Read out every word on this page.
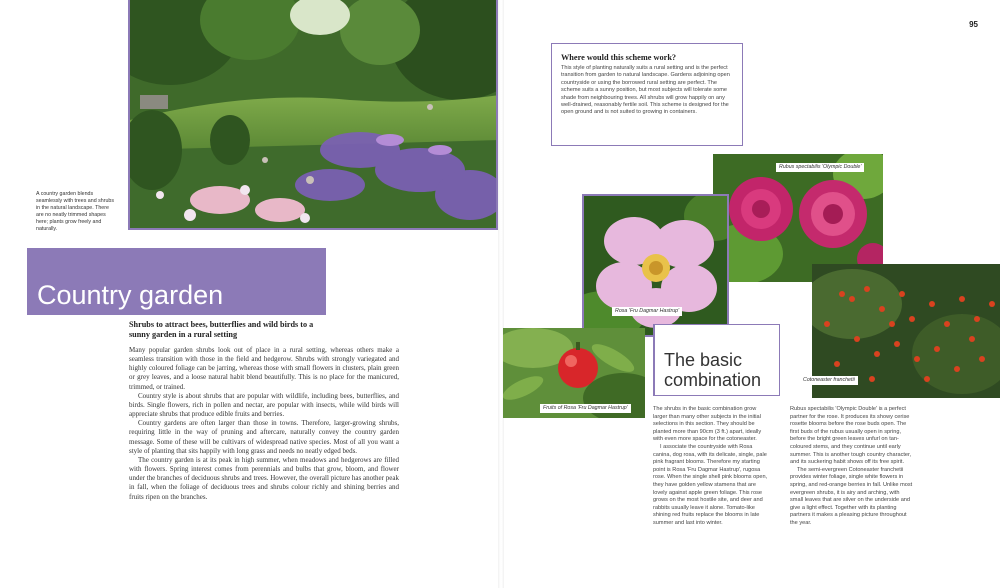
95
A country garden blends seamlessly with trees and shrubs in the natural landscape. There are no neatly trimmed shapes here; plants grow freely and naturally.
Country garden
Shrubs to attract bees, butterflies and wild birds to a sunny garden in a rural setting

Many popular garden shrubs look out of place in a rural setting, whereas others make a seamless transition with those in the field and hedgerow. Shrubs with strongly variegated and highly coloured foliage can be jarring, whereas those with small flowers in clusters, plain green or grey leaves, and a loose natural habit blend beautifully. This is no place for the manicured, trimmed, or trained.

Country style is about shrubs that are popular with wildlife, including bees, butterflies, and birds. Single flowers, rich in pollen and nectar, are popular with insects, while wild birds will appreciate shrubs that produce edible fruits and berries.

Country gardens are often larger than those in towns. Therefore, larger-growing shrubs, requiring little in the way of pruning and aftercare, naturally convey the country garden message. Some of these will be cultivars of widespread native species. Most of all you want a style of planting that sits happily with long grass and needs no neatly edged beds.

The country garden is at its peak in high summer, when meadows and hedgerows are filled with flowers. Spring interest comes from perennials and bulbs that grow, bloom, and flower under the branches of deciduous shrubs and trees. However, the overall picture has another peak in fall, when the foliage of deciduous trees and shrubs colour richly and shining berries and fruits ripen on the branches.

Where would this scheme work?

This style of planting naturally suits a rural setting and is the perfect transition from garden to natural landscape. Gardens adjoining open countryside or using the borrowed rural setting are perfect. The scheme suits a sunny position, but most subjects will tolerate some shade from neighbouring trees. All shrubs will grow happily on any well-drained, reasonably fertile soil. This scheme is designed for the open ground and is not suited to growing in containers.

Rubus spectabilis 'Olympic Double'
Rosa 'Fru Dagmar Hastrup'
Fruits of Rosa 'Fru Dagmar Hastrup'
Cotoneaster franchetii
The basic
combination

The shrubs in the basic combination grow larger than many other subjects in the initial selections in this section. They should be planted more than 90cm (3 ft.) apart, ideally with even more space for the cotoneaster.

I associate the countryside with Rosa canina, dog rosa, with its delicate, single, pale pink fragrant blooms. Therefore my starting point is Rosa 'Fru Dagmar Hastrup', rugosa rose. When the single shell pink blooms open, they have golden yellow stamens that are lovely against apple green foliage. This rose grows on the most hostile site, and deer and rabbits usually leave it alone. Tomato-like shining red fruits replace the blooms in late summer and last into winter.

Rubus spectabilis 'Olympic Double' is a perfect partner for the rose. It produces its showy cerise rosette blooms before the rose buds open. The first buds of the rubus usually open in spring, before the bright green leaves unfurl on tan-coloured stems, and they continue until early summer. This is another tough country character, and its suckering habit shows off its free spirit.

The semi-evergreen Cotoneaster franchetii provides winter foliage, single white flowers in spring, and red-orange berries in fall. Unlike most evergreen shrubs, it is airy and arching, with small leaves that are silver on the underside and give a light effect. Together with its planting partners it makes a pleasing picture throughout the year.
